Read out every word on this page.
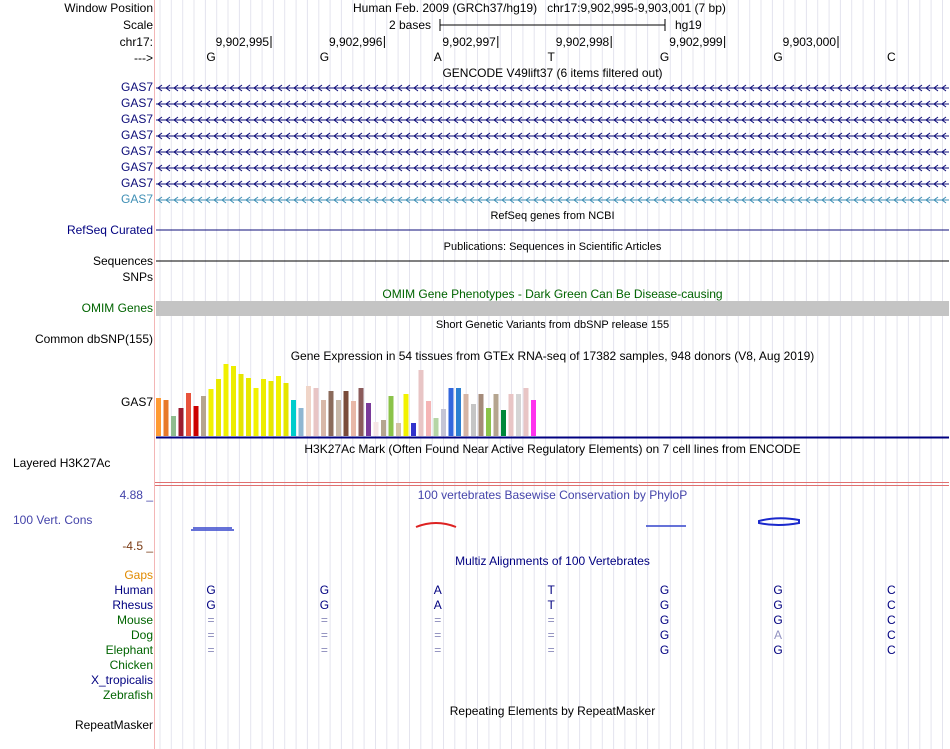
Window Position	Human Feb. 2009 (GRCh37/hg19)   chr17:9,902,995-9,903,001 (7 bp)
Scale	2 bases	hg19
chr17:
--->
9,902,995	9,902,996	9,902,997	9,902,998	9,902,999	9,903,000
G	G	A	T	G	G	C
GENCODE V49lift37 (6 items filtered out)
GAS7
GAS7
GAS7
GAS7
GAS7
GAS7
GAS7
GAS7
RefSeq genes from NCBI
RefSeq Curated
Publications: Sequences in Scientific Articles
Sequences
SNPs
OMIM Gene Phenotypes - Dark Green Can Be Disease-causing
OMIM Genes
Short Genetic Variants from dbSNP release 155
Common dbSNP(155)
Gene Expression in 54 tissues from GTEx RNA-seq of 17382 samples, 948 donors (V8, Aug 2019)
GAS7
H3K27Ac Mark (Often Found Near Active Regulatory Elements) on 7 cell lines from ENCODE
Layered H3K27Ac
100 vertebrates Basewise Conservation by PhyloP
4.88 _
100 Vert. Cons
-4.5 _
Multiz Alignments of 100 Vertebrates
Gaps
Human	G	G	A	T	G	G	C
Rhesus	G	G	A	T	G	G	C
Mouse	=	=	=	=	G	G	C
Dog	=	=	=	=	G	A	C
Elephant	=	=	=	=	G	G	C
Chicken
X_tropicalis
Zebrafish
Repeating Elements by RepeatMasker
RepeatMasker
